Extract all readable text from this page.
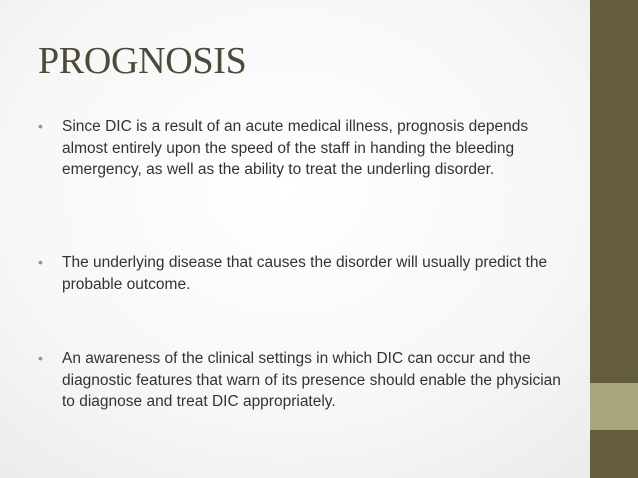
PROGNOSIS
• Since DIC is a result of an acute medical illness, prognosis depends almost entirely upon the speed of the staff in handing the bleeding emergency, as well as the ability to treat the underling disorder.
• The underlying disease that causes the disorder will usually predict the probable outcome.
• An awareness of the clinical settings in which DIC can occur and the diagnostic features that warn of its presence should enable the physician to diagnose and treat DIC appropriately.
